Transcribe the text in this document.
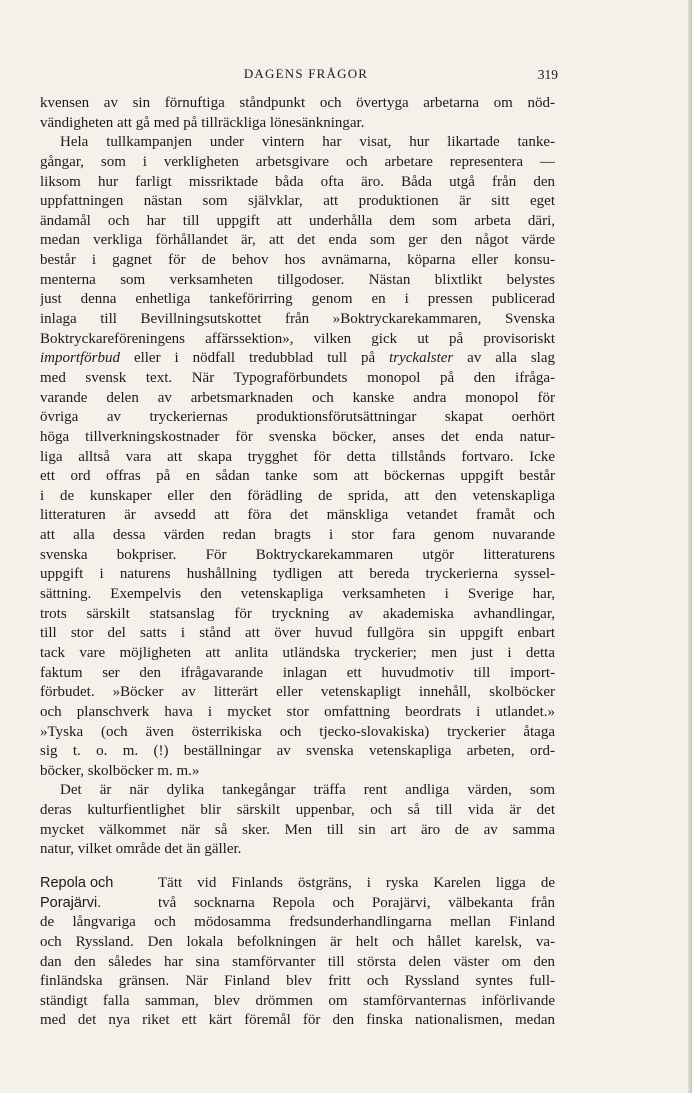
DAGENS FRÅGOR	319
kvensen av sin förnuftiga ståndpunkt och övertyga arbetarna om nöd-
vändigheten att gå med på tillräckliga lönesänkningar.
Hela tullkampanjen under vintern har visat, hur likartade tanke-
gångar, som i verkligheten arbetsgivare och arbetare representera —
liksom hur farligt missriktade båda ofta äro. Båda utgå från den
uppfattningen nästan som självklar, att produktionen är sitt eget
ändamål och har till uppgift att underhålla dem som arbeta däri,
medan verkliga förhållandet är, att det enda som ger den något värde
består i gagnet för de behov hos avnämarna, köparna eller konsu-
menterna som verksamheten tillgodoser. Nästan blixtlikt belystes
just denna enhetliga tankeförirring genom en i pressen publicerad
inlaga till Bevillningsutskottet från »Boktryckarekammaren, Svenska
Boktryckareföreningens affärssektion», vilken gick ut på provisoriskt
importförbud eller i nödfall tredubblad tull på tryckalster av alla slag
med svensk text. När Typograförbundets monopol på den ifråga-
varande delen av arbetsmarknaden och kanske andra monopol för
övriga av tryckeriernas produktionsförutsättningar skapat oerhört
höga tillverkningskostnader för svenska böcker, anses det enda natur-
liga alltså vara att skapa trygghet för detta tillstånds fortvaro. Icke
ett ord offras på en sådan tanke som att böckernas uppgift består
i de kunskaper eller den förädling de sprida, att den vetenskapliga
litteraturen är avsedd att föra det mänskliga vetandet framåt och
att alla dessa värden redan bragts i stor fara genom nuvarande
svenska bokpriser. För Boktryckarekammaren utgör litteraturens
uppgift i naturens hushållning tydligen att bereda tryckerierna syssel-
sättning. Exempelvis den vetenskapliga verksamheten i Sverige har,
trots särskilt statsanslag för tryckning av akademiska avhandlingar,
till stor del satts i stånd att över huvud fullgöra sin uppgift enbart
tack vare möjligheten att anlita utländska tryckerier; men just i detta
faktum ser den ifrågavarande inlagan ett huvudmotiv till import-
förbudet. »Böcker av litterärt eller vetenskapligt innehåll, skolböcker
och planschverk hava i mycket stor omfattning beordrats i utlandet.»
»Tyska (och även österrikiska och tjecko-slovakiska) tryckerier åtaga
sig t. o. m. (!) beställningar av svenska vetenskapliga arbeten, ord-
böcker, skolböcker m. m.»
Det är när dylika tankegångar träffa rent andliga värden, som
deras kulturfientlighet blir särskilt uppenbar, och så till vida är det
mycket välkommet när så sker. Men till sin art äro de av samma
natur, vilket område det än gäller.
Repola och
Porajärvi.
Tätt vid Finlands östgräns, i ryska Karelen ligga de
två socknarna Repola och Porajärvi, välbekanta från
de långvariga och mödosamma fredsunderhandlingarna mellan Finland
och Ryssland. Den lokala befolkningen är helt och hållet karelsk, va-
dan den således har sina stamförvanter till största delen väster om den
finländska gränsen. När Finland blev fritt och Ryssland syntes full-
ständigt falla samman, blev drömmen om stamförvanternas införlivande
med det nya riket ett kärt föremål för den finska nationalismen, medan
